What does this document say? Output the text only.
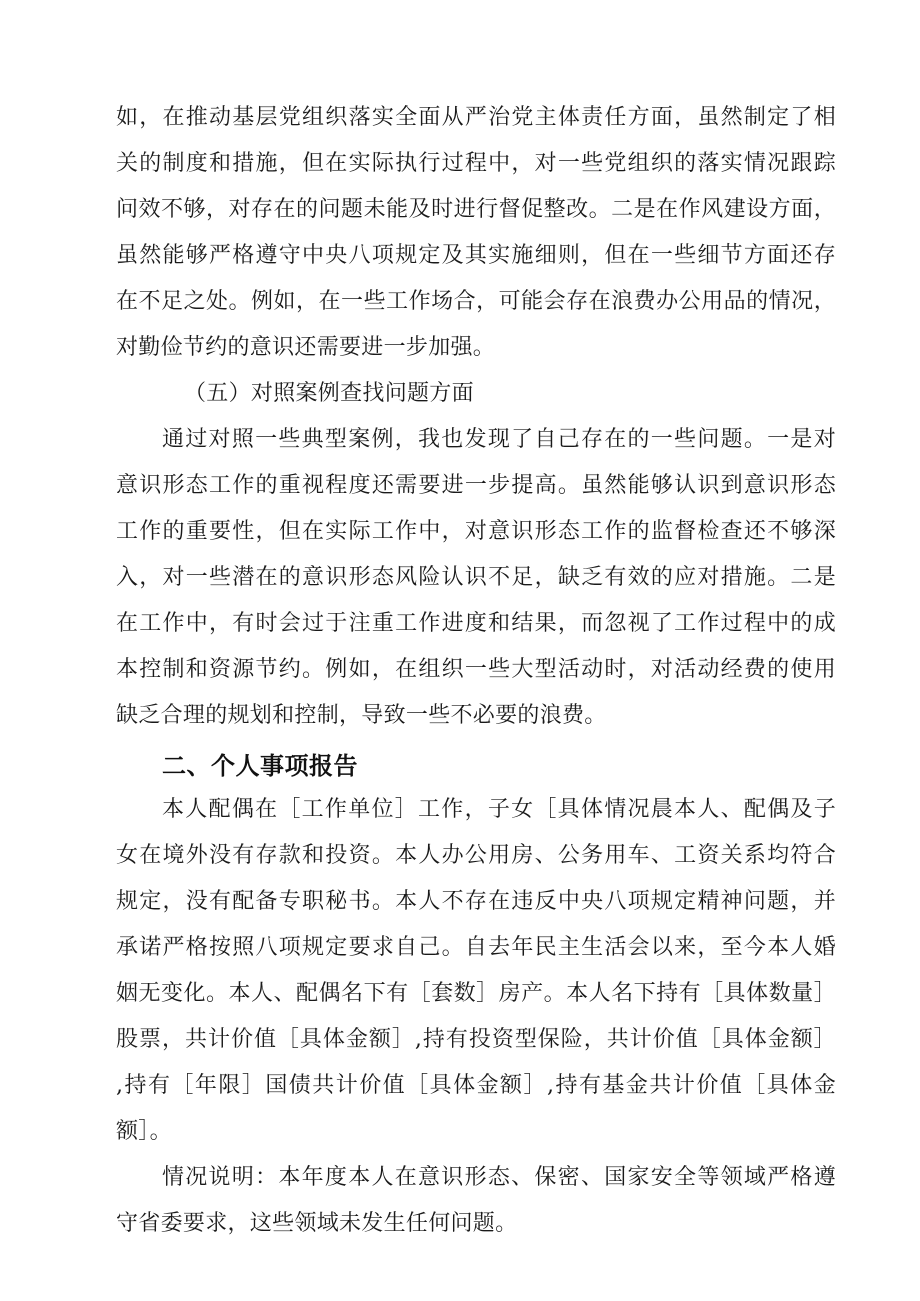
如，在推动基层党组织落实全面从严治党主体责任方面，虽然制定了相
关的制度和措施，但在实际执行过程中，对一些党组织的落实情况跟踪
问效不够，对存在的问题未能及时进行督促整改。二是在作风建设方面，
虽然能够严格遵守中央八项规定及其实施细则，但在一些细节方面还存
在不足之处。例如，在一些工作场合，可能会存在浪费办公用品的情况，
对勤俭节约的意识还需要进一步加强。
（五）对照案例查找问题方面
通过对照一些典型案例，我也发现了自己存在的一些问题。一是对
意识形态工作的重视程度还需要进一步提高。虽然能够认识到意识形态
工作的重要性，但在实际工作中，对意识形态工作的监督检查还不够深
入，对一些潜在的意识形态风险认识不足，缺乏有效的应对措施。二是
在工作中，有时会过于注重工作进度和结果，而忽视了工作过程中的成
本控制和资源节约。例如，在组织一些大型活动时，对活动经费的使用
缺乏合理的规划和控制，导致一些不必要的浪费。
二、个人事项报告
本人配偶在［工作单位］工作，子女［具体情况晨本人、配偶及子
女在境外没有存款和投资。本人办公用房、公务用车、工资关系均符合
规定，没有配备专职秘书。本人不存在违反中央八项规定精神问题，并
承诺严格按照八项规定要求自己。自去年民主生活会以来，至今本人婚
姻无变化。本人、配偶名下有［套数］房产。本人名下持有［具体数量］
股票，共计价值［具体金额］,持有投资型保险，共计价值［具体金额］
,持有［年限］国债共计价值［具体金额］,持有基金共计价值［具体金
额］。
情况说明：本年度本人在意识形态、保密、国家安全等领域严格遵
守省委要求，这些领域未发生任何问题。
